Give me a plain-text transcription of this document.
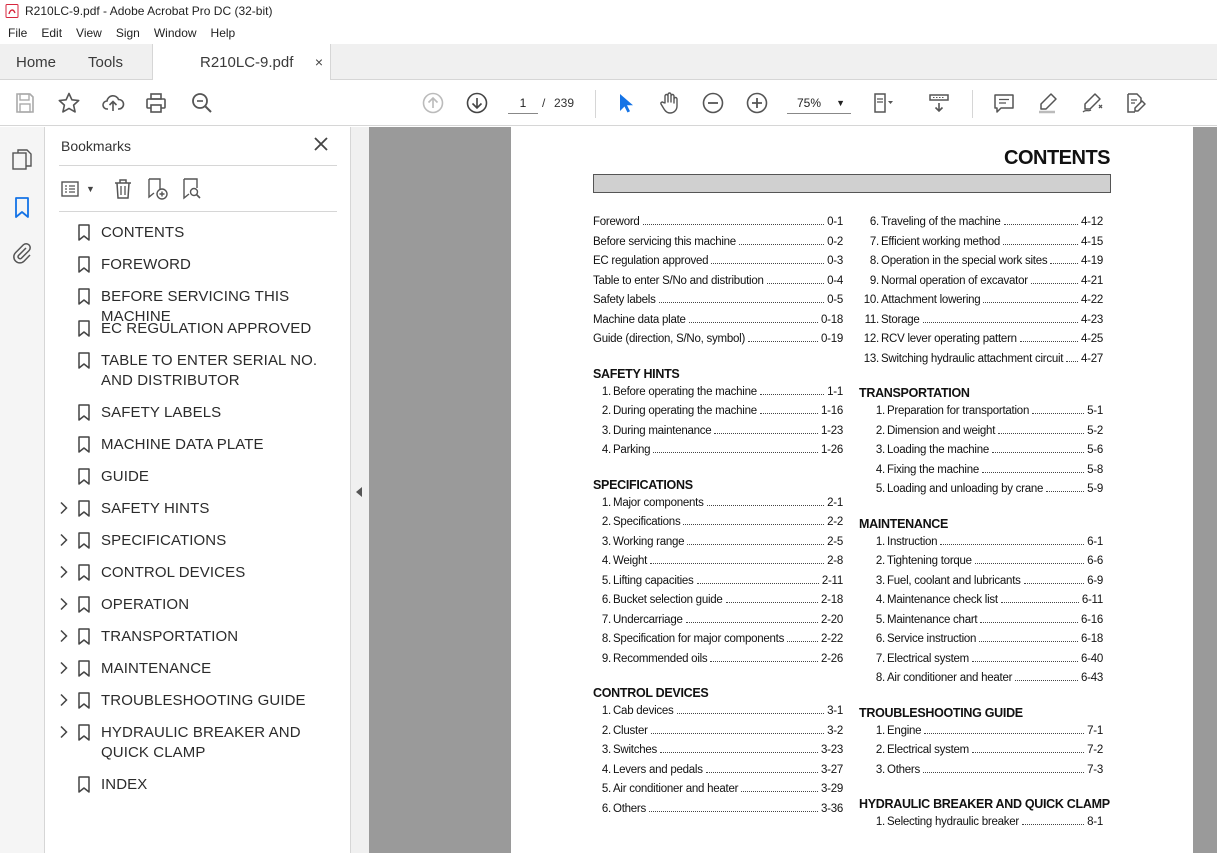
R210LC-9.pdf - Adobe Acrobat Pro DC (32-bit)
File Edit View Sign Window Help
Home Tools	R210LC-9.pdf ×
1	/ 239	75% ▼
Bookmarks
▼
CONTENTS
FOREWORD
BEFORE SERVICING THIS MACHINE
EC REGULATION APPROVED
TABLE TO ENTER SERIAL NO. AND DISTRIBUTOR
SAFETY LABELS
MACHINE DATA PLATE
GUIDE
SAFETY HINTS
SPECIFICATIONS
CONTROL DEVICES
OPERATION
TRANSPORTATION
MAINTENANCE
TROUBLESHOOTING GUIDE
HYDRAULIC BREAKER AND QUICK CLAMP
INDEX
CONTENTS
Foreword	0-1
Before servicing this machine	0-2
EC regulation approved	0-3
Table to enter S/No and distribution	0-4
Safety labels	0-5
Machine data plate	0-18
Guide (direction, S/No, symbol)	0-19
SAFETY HINTS
1. Before operating the machine	1-1
2. During operating the machine	1-16
3. During maintenance	1-23
4. Parking	1-26
SPECIFICATIONS
1. Major components	2-1
2. Specifications	2-2
3. Working range	2-5
4. Weight	2-8
5. Lifting capacities	2-11
6. Bucket selection guide	2-18
7. Undercarriage	2-20
8. Specification for major components	2-22
9. Recommended oils	2-26
CONTROL DEVICES
1. Cab devices	3-1
2. Cluster	3-2
3. Switches	3-23
4. Levers and pedals	3-27
5. Air conditioner and heater	3-29
6. Others	3-36
6. Traveling of the machine	4-12
7. Efficient working method	4-15
8. Operation in the special work sites	4-19
9. Normal operation of excavator	4-21
10. Attachment lowering	4-22
11. Storage	4-23
12. RCV lever operating pattern	4-25
13. Switching hydraulic attachment circuit 4-27
TRANSPORTATION
1. Preparation for transportation	5-1
2. Dimension and weight	5-2
3. Loading the machine	5-6
4. Fixing the machine	5-8
5. Loading and unloading by crane	5-9
MAINTENANCE
1. Instruction	6-1
2. Tightening torque	6-6
3. Fuel, coolant and lubricants	6-9
4. Maintenance check list	6-11
5. Maintenance chart	6-16
6. Service instruction	6-18
7. Electrical system	6-40
8. Air conditioner and heater	6-43
TROUBLESHOOTING GUIDE
1. Engine	7-1
2. Electrical system	7-2
3. Others	7-3
HYDRAULIC BREAKER AND QUICK CLAMP
1. Selecting hydraulic breaker	8-1
